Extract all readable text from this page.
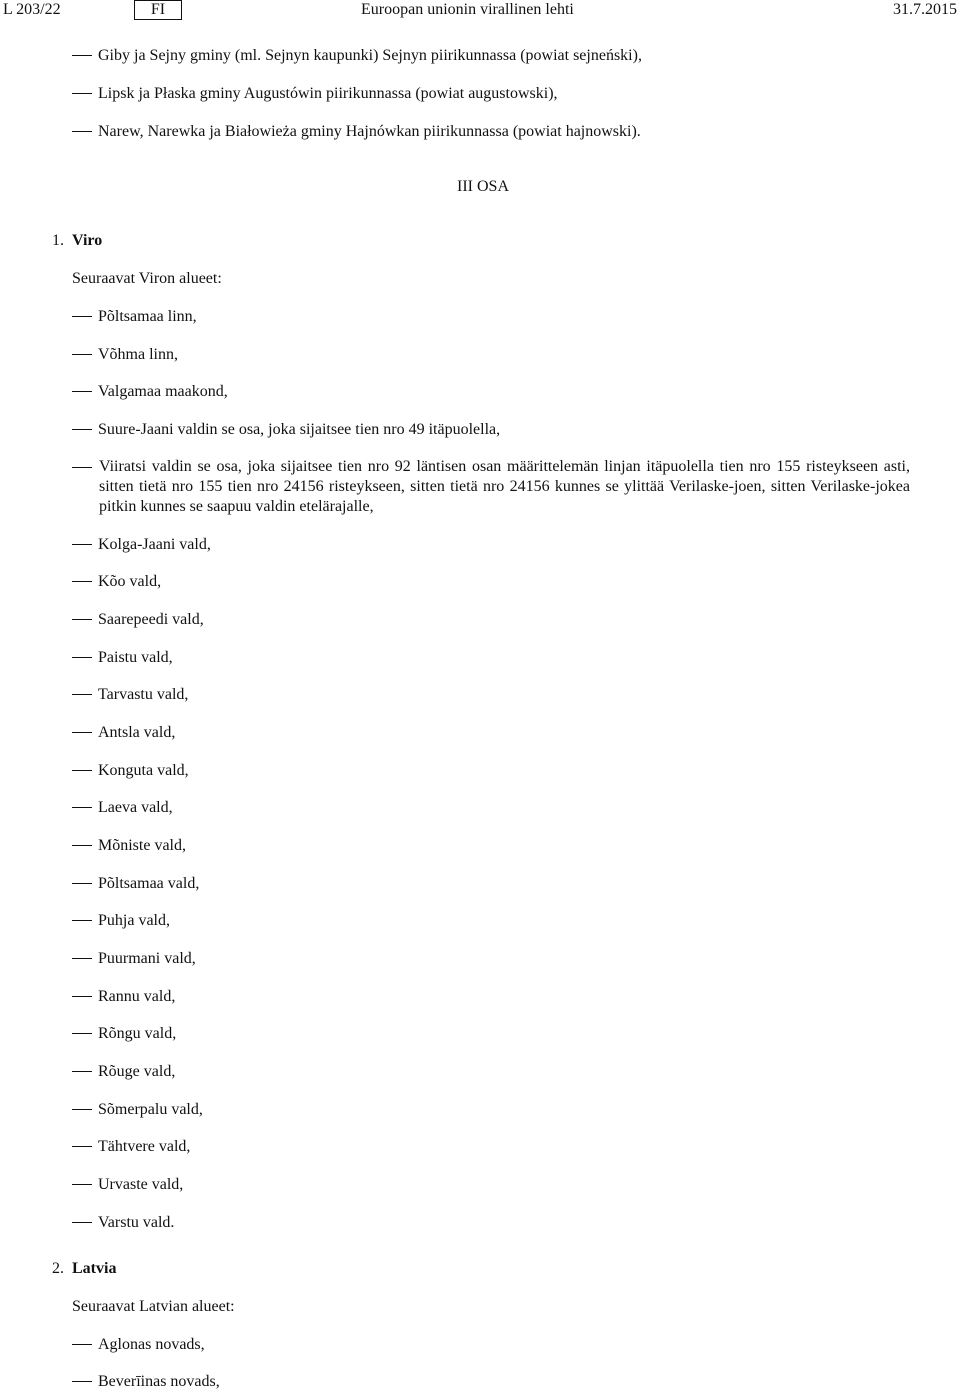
L 203/22	FI	Euroopan unionin virallinen lehti	31.7.2015
Giby ja Sejny gminy (ml. Sejnyn kaupunki) Sejnyn piirikunnassa (powiat sejneński),
Lipsk ja Płaska gminy Augustówin piirikunnassa (powiat augustowski),
Narew, Narewka ja Białowieża gminy Hajnówkan piirikunnassa (powiat hajnowski).
III OSA
1. Viro
Seuraavat Viron alueet:
Põltsamaa linn,
Võhma linn,
Valgamaa maakond,
Suure-Jaani valdin se osa, joka sijaitsee tien nro 49 itäpuolella,
Viiratsi valdin se osa, joka sijaitsee tien nro 92 läntisen osan määrittelemän linjan itäpuolella tien nro 155 risteykseen asti, sitten tietä nro 155 tien nro 24156 risteykseen, sitten tietä nro 24156 kunnes se ylittää Verilaske-joen, sitten Verilaske-jokea pitkin kunnes se saapuu valdin etelärajalle,
Kolga-Jaani vald,
Kõo vald,
Saarepeedi vald,
Paistu vald,
Tarvastu vald,
Antsla vald,
Konguta vald,
Laeva vald,
Mõniste vald,
Põltsamaa vald,
Puhja vald,
Puurmani vald,
Rannu vald,
Rõngu vald,
Rõuge vald,
Sõmerpalu vald,
Tähtvere vald,
Urvaste vald,
Varstu vald.
2. Latvia
Seuraavat Latvian alueet:
Aglonas novads,
Beverīinas novads,
